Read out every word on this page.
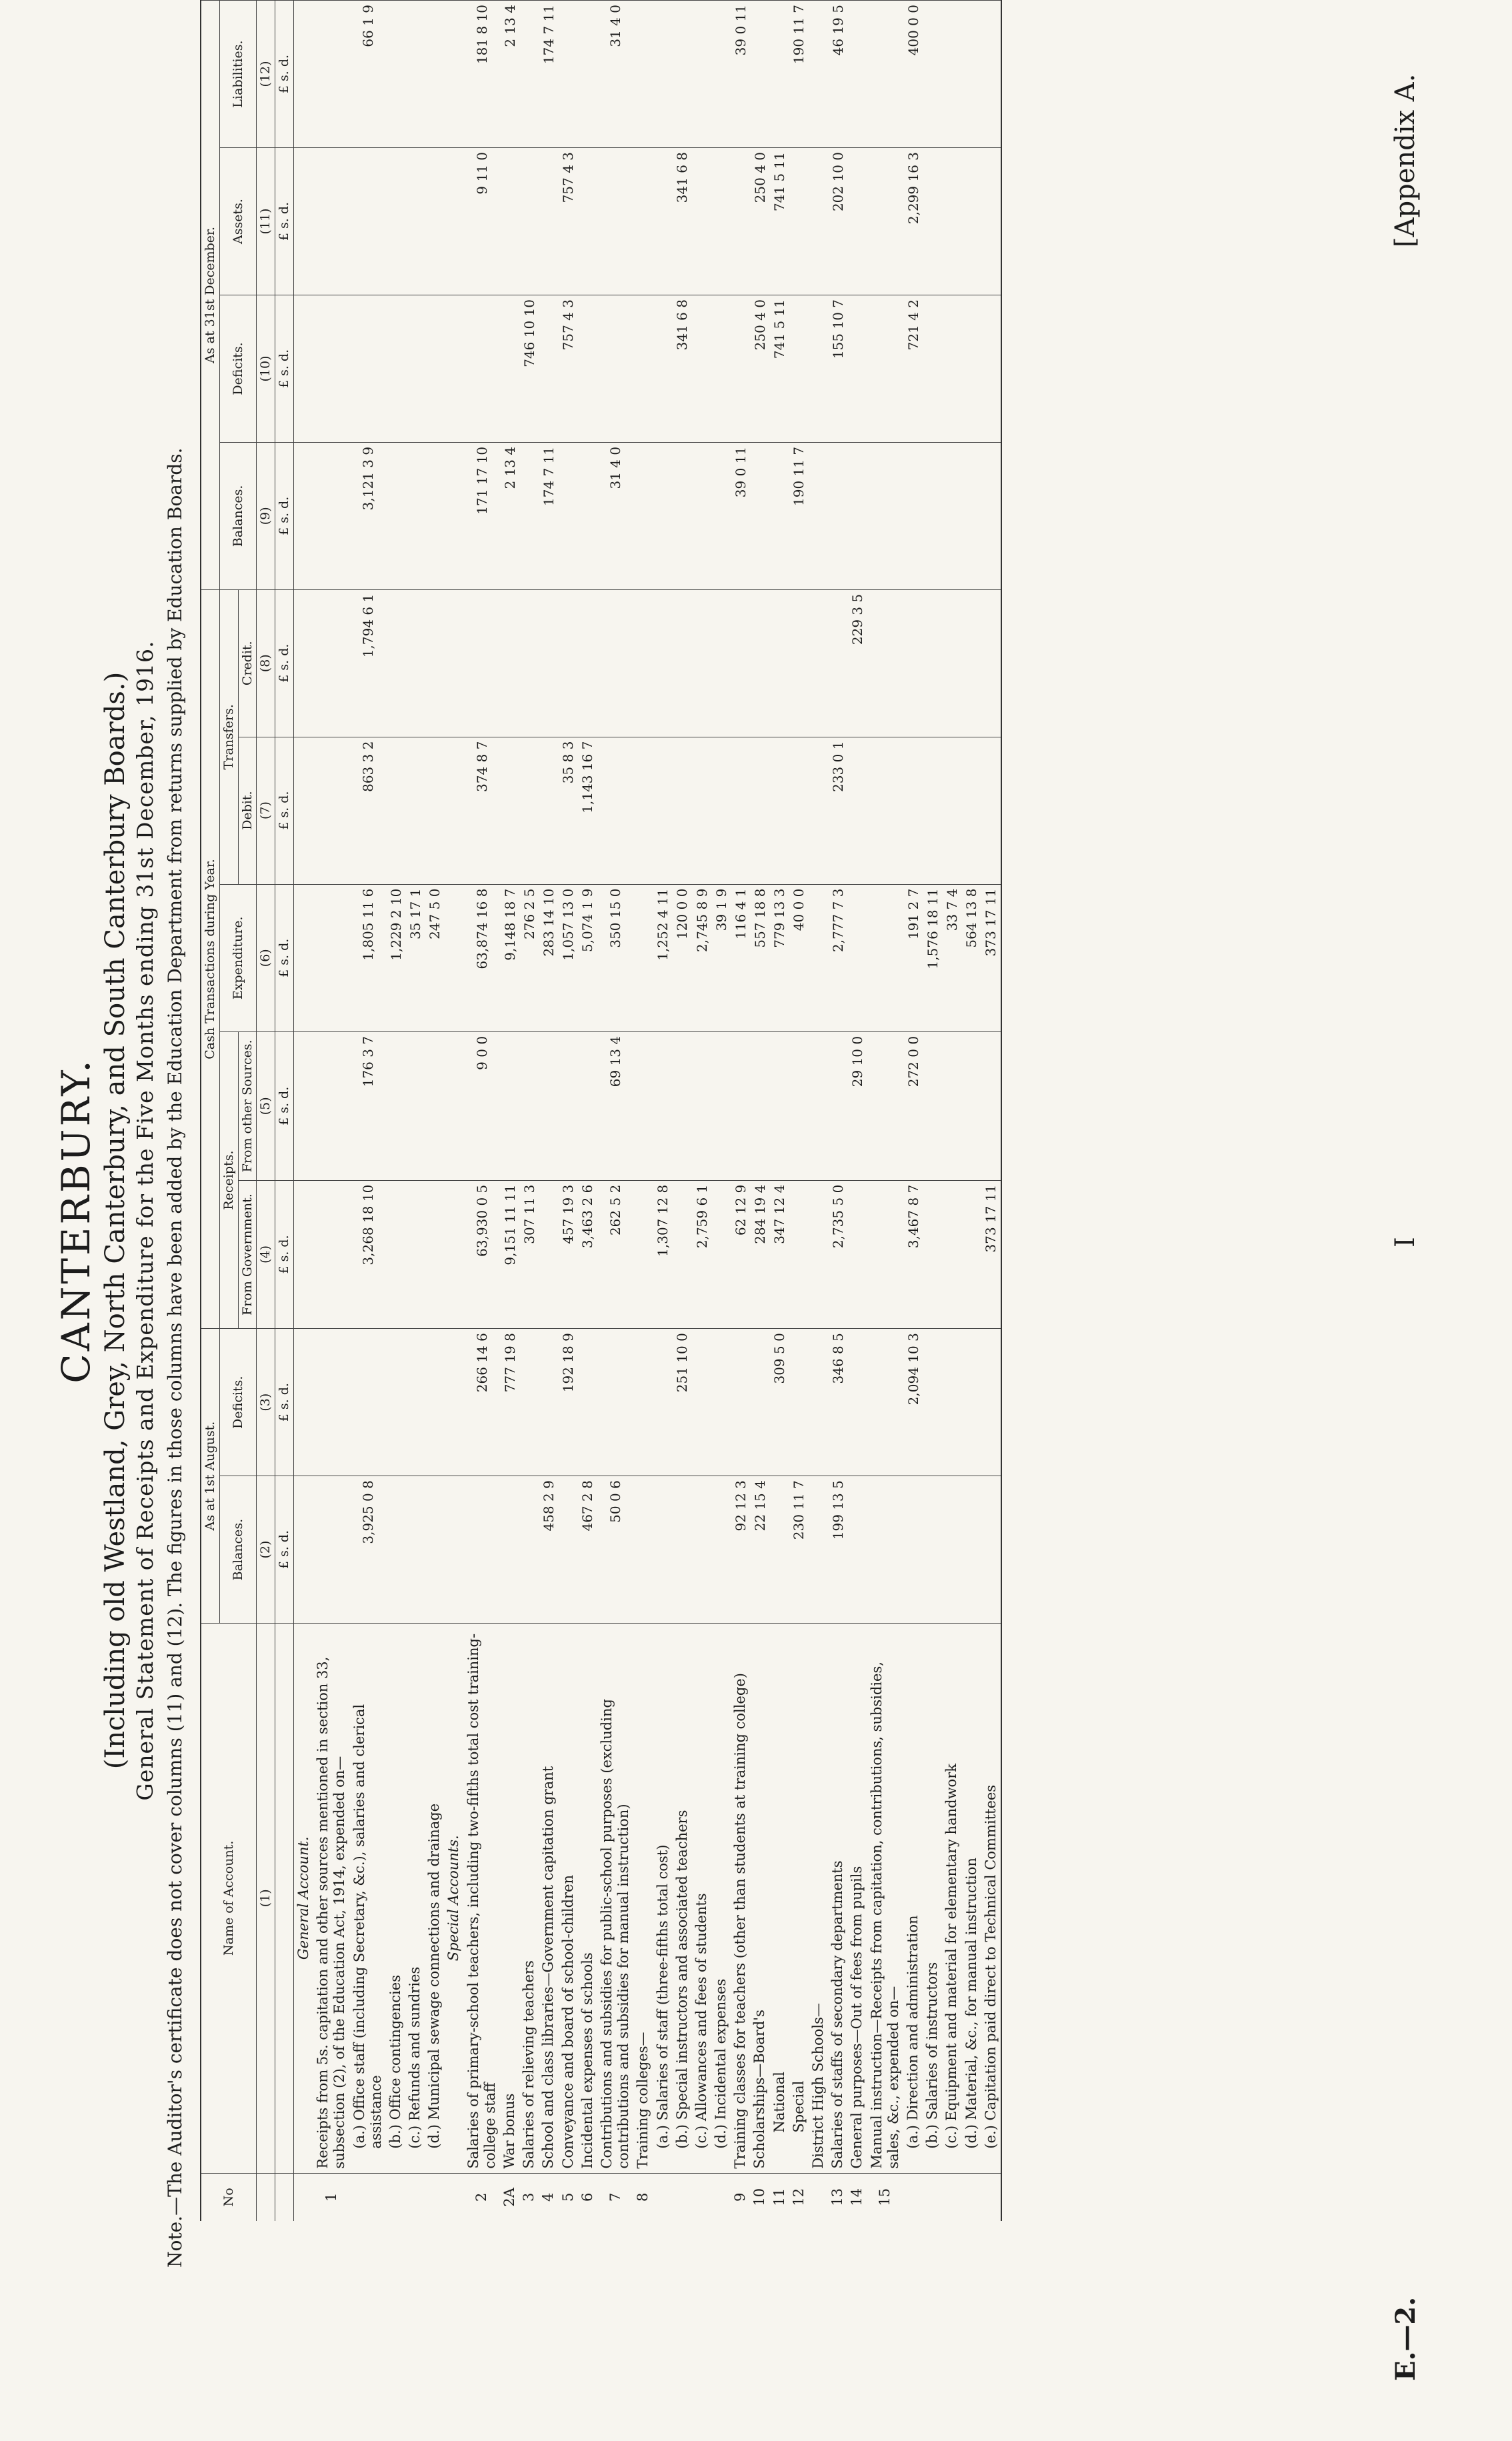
E.—2.
I
[Appendix A.
CANTERBURY. (Including old Westland, Grey, North Canterbury, and South Canterbury Boards.) General Statement of Receipts and Expenditure for the Five Months ending 31st December, 1916. Note.—The Auditor's certificate does not cover columns (11) and (12). The figures in those columns have been added by the Education Department from returns supplied by Education Boards.	No	Name of Account.	As at 1st August.		Cash Transactions during Year.					As at 31st December.			
		Balances.	Deficits.	Receipts.		Expenditure.	Transfers.		Balances.	Deficits.	Assets.	Liabilities.
				From Government.	From other Sources.		Debit.	Credit.				
	(1)	(2)	(3)	(4)	(5)	(6)	(7)	(8)	(9)	(10)	(11)	(12)
		£ s. d.	£ s. d.	£ s. d.	£ s. d.	£ s. d.	£ s. d.	£ s. d.	£ s. d.	£ s. d.	£ s. d.	£ s. d.
	General Account.											
1	Receipts from 5s. capitation and other sources mentioned in section 33, subsection (2), of the Education Act, 1914, expended on—											
	(a.) Office staff (including Secretary, &c.), salaries and clerical assistance	3,925 0 8		3,268 18 10	176 3 7	1,805 11 6	863 3 2	1,794 6 1	3,121 3 9			66 1 9
	(b.) Office contingencies					1,229 2 10						
	(c.) Refunds and sundries					35 17 1						
	(d.) Municipal sewage connections and drainage					247 5 0						
	Special Accounts.											
2	Salaries of primary-school teachers, including two-fifths total cost training-college staff		266 14 6	63,930 0 5	9 0 0	63,874 16 8	374 8 7		171 17 10		9 11 0	181 8 10
2A	War bonus		777 19 8	9,151 11 11		9,148 18 7			2 13 4			2 13 4
3	Salaries of relieving teachers			307 11 3		276 2 5				746 10 10		
4	School and class libraries—Government capitation grant	458 2 9				283 14 10			174 7 11			174 7 11
5	Conveyance and board of school-children		192 18 9	457 19 3		1,057 13 0	35 8 3			757 4 3	757 4 3	
6	Incidental expenses of schools	467 2 8		3,463 2 6		5,074 1 9	1,143 16 7					
7	Contributions and subsidies for public-school purposes (excluding contributions and subsidies for manual instruction)	50 0 6		262 5 2	69 13 4	350 15 0			31 4 0			31 4 0
8	Training colleges—											
	(a.) Salaries of staff (three-fifths total cost)			1,307 12 8		1,252 4 11						
	(b.) Special instructors and associated teachers		251 10 0			120 0 0				341 6 8	341 6 8	
	(c.) Allowances and fees of students			2,759 6 1		2,745 8 9						
	(d.) Incidental expenses					39 1 9						
9	Training classes for teachers (other than students at training college)	92 12 3		62 12 9		116 4 1			39 0 11			39 0 11
10	Scholarships—Board's	22 15 4		284 19 4		557 18 8				250 4 0	250 4 0	
11	National		309 5 0	347 12 4		779 13 3				741 5 11	741 5 11	
12	Special	230 11 7				40 0 0			190 11 7			190 11 7
	District High Schools—											
13	Salaries of staffs of secondary departments	199 13 5	346 8 5	2,735 5 0		2,777 7 3	233 0 1			155 10 7	202 10 0	46 19 5
14	General purposes—Out of fees from pupils				29 10 0			229 3 5				
15	Manual instruction—Receipts from capitation, contributions, subsidies, sales, &c., expended on—											
	(a.) Direction and administration		2,094 10 3	3,467 8 7	272 0 0	191 2 7				721 4 2	2,299 16 3	400 0 0
	(b.) Salaries of instructors					1,576 18 11						
	(c.) Equipment and material for elementary handwork					33 7 4						
	(d.) Material, &c., for manual instruction					564 13 8						
	(e.) Capitation paid direct to Technical Committees			373 17 11		373 17 11						
